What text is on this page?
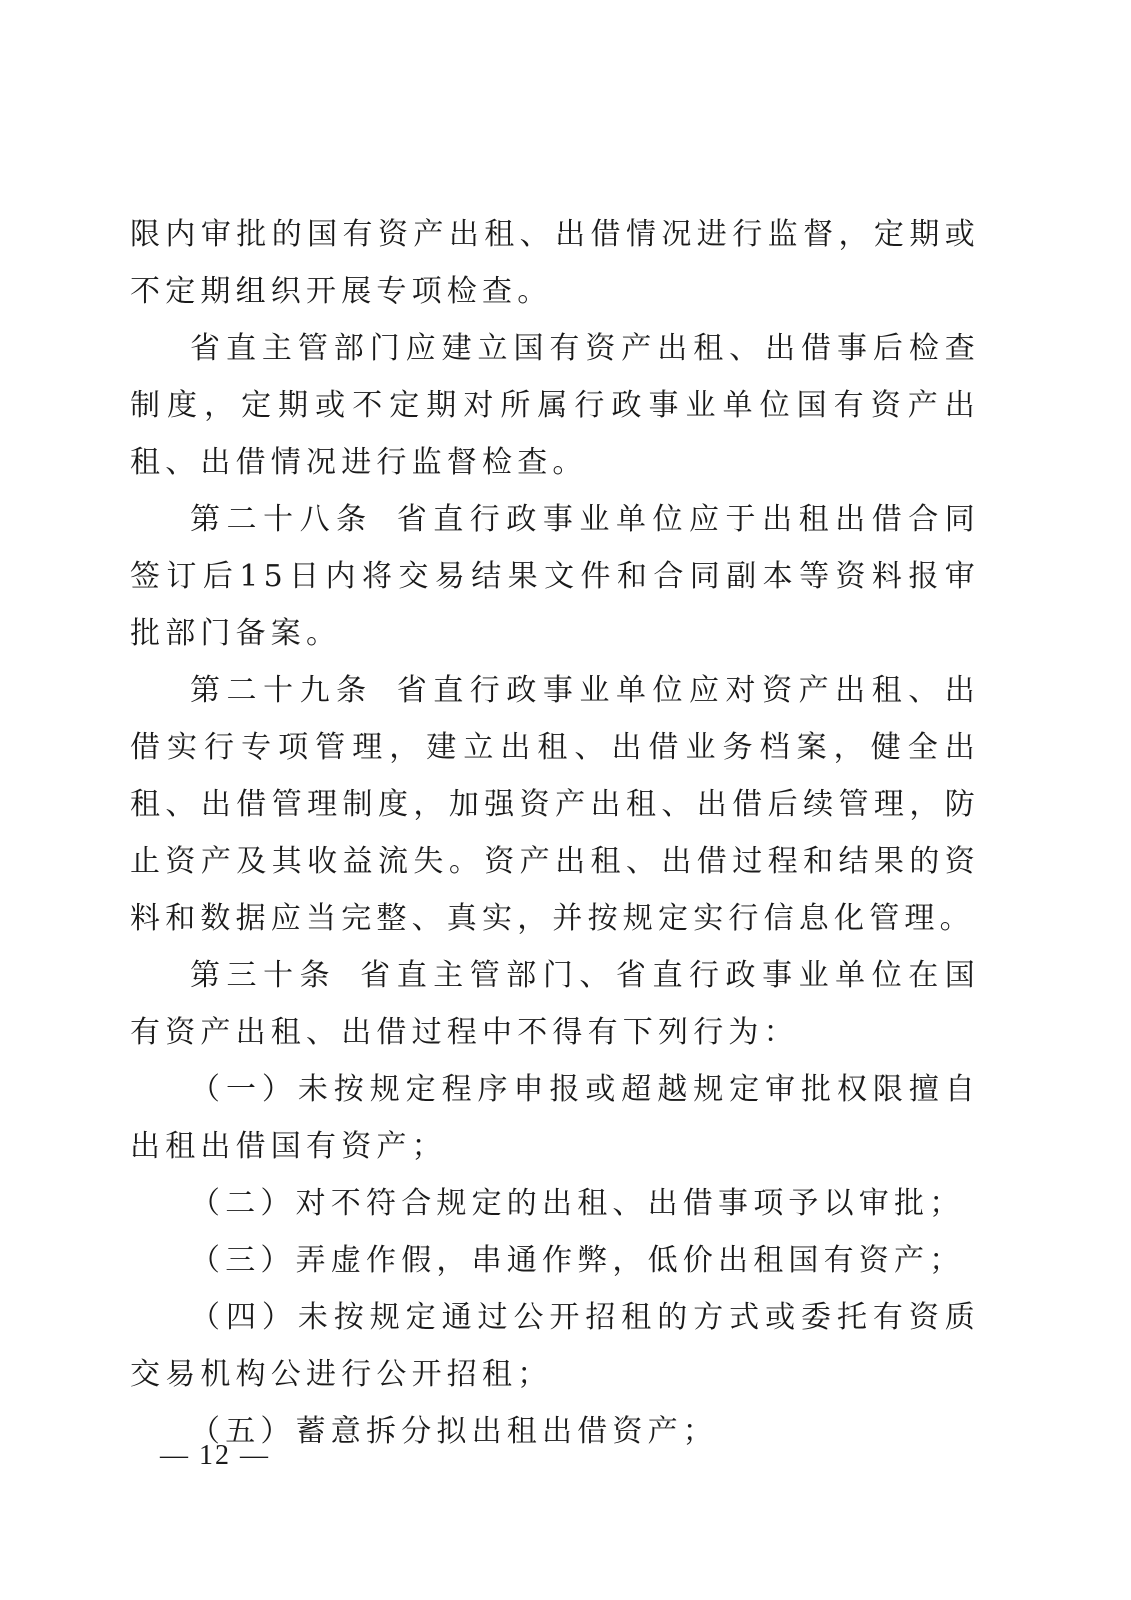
限内审批的国有资产出租、出借情况进行监督，定期或不定期组织开展专项检查。

省直主管部门应建立国有资产出租、出借事后检查制度，定期或不定期对所属行政事业单位国有资产出租、出借情况进行监督检查。

第二十八条 省直行政事业单位应于出租出借合同签订后15日内将交易结果文件和合同副本等资料报审批部门备案。

第二十九条 省直行政事业单位应对资产出租、出借实行专项管理，建立出租、出借业务档案，健全出租、出借管理制度，加强资产出租、出借后续管理，防止资产及其收益流失。资产出租、出借过程和结果的资料和数据应当完整、真实，并按规定实行信息化管理。

第三十条 省直主管部门、省直行政事业单位在国有资产出租、出借过程中不得有下列行为：

（一）未按规定程序申报或超越规定审批权限擅自出租出借国有资产；

（二）对不符合规定的出租、出借事项予以审批；

（三）弄虚作假，串通作弊，低价出租国有资产；

（四）未按规定通过公开招租的方式或委托有资质交易机构公进行公开招租；

（五）蓄意拆分拟出租出借资产；

— 12 —
